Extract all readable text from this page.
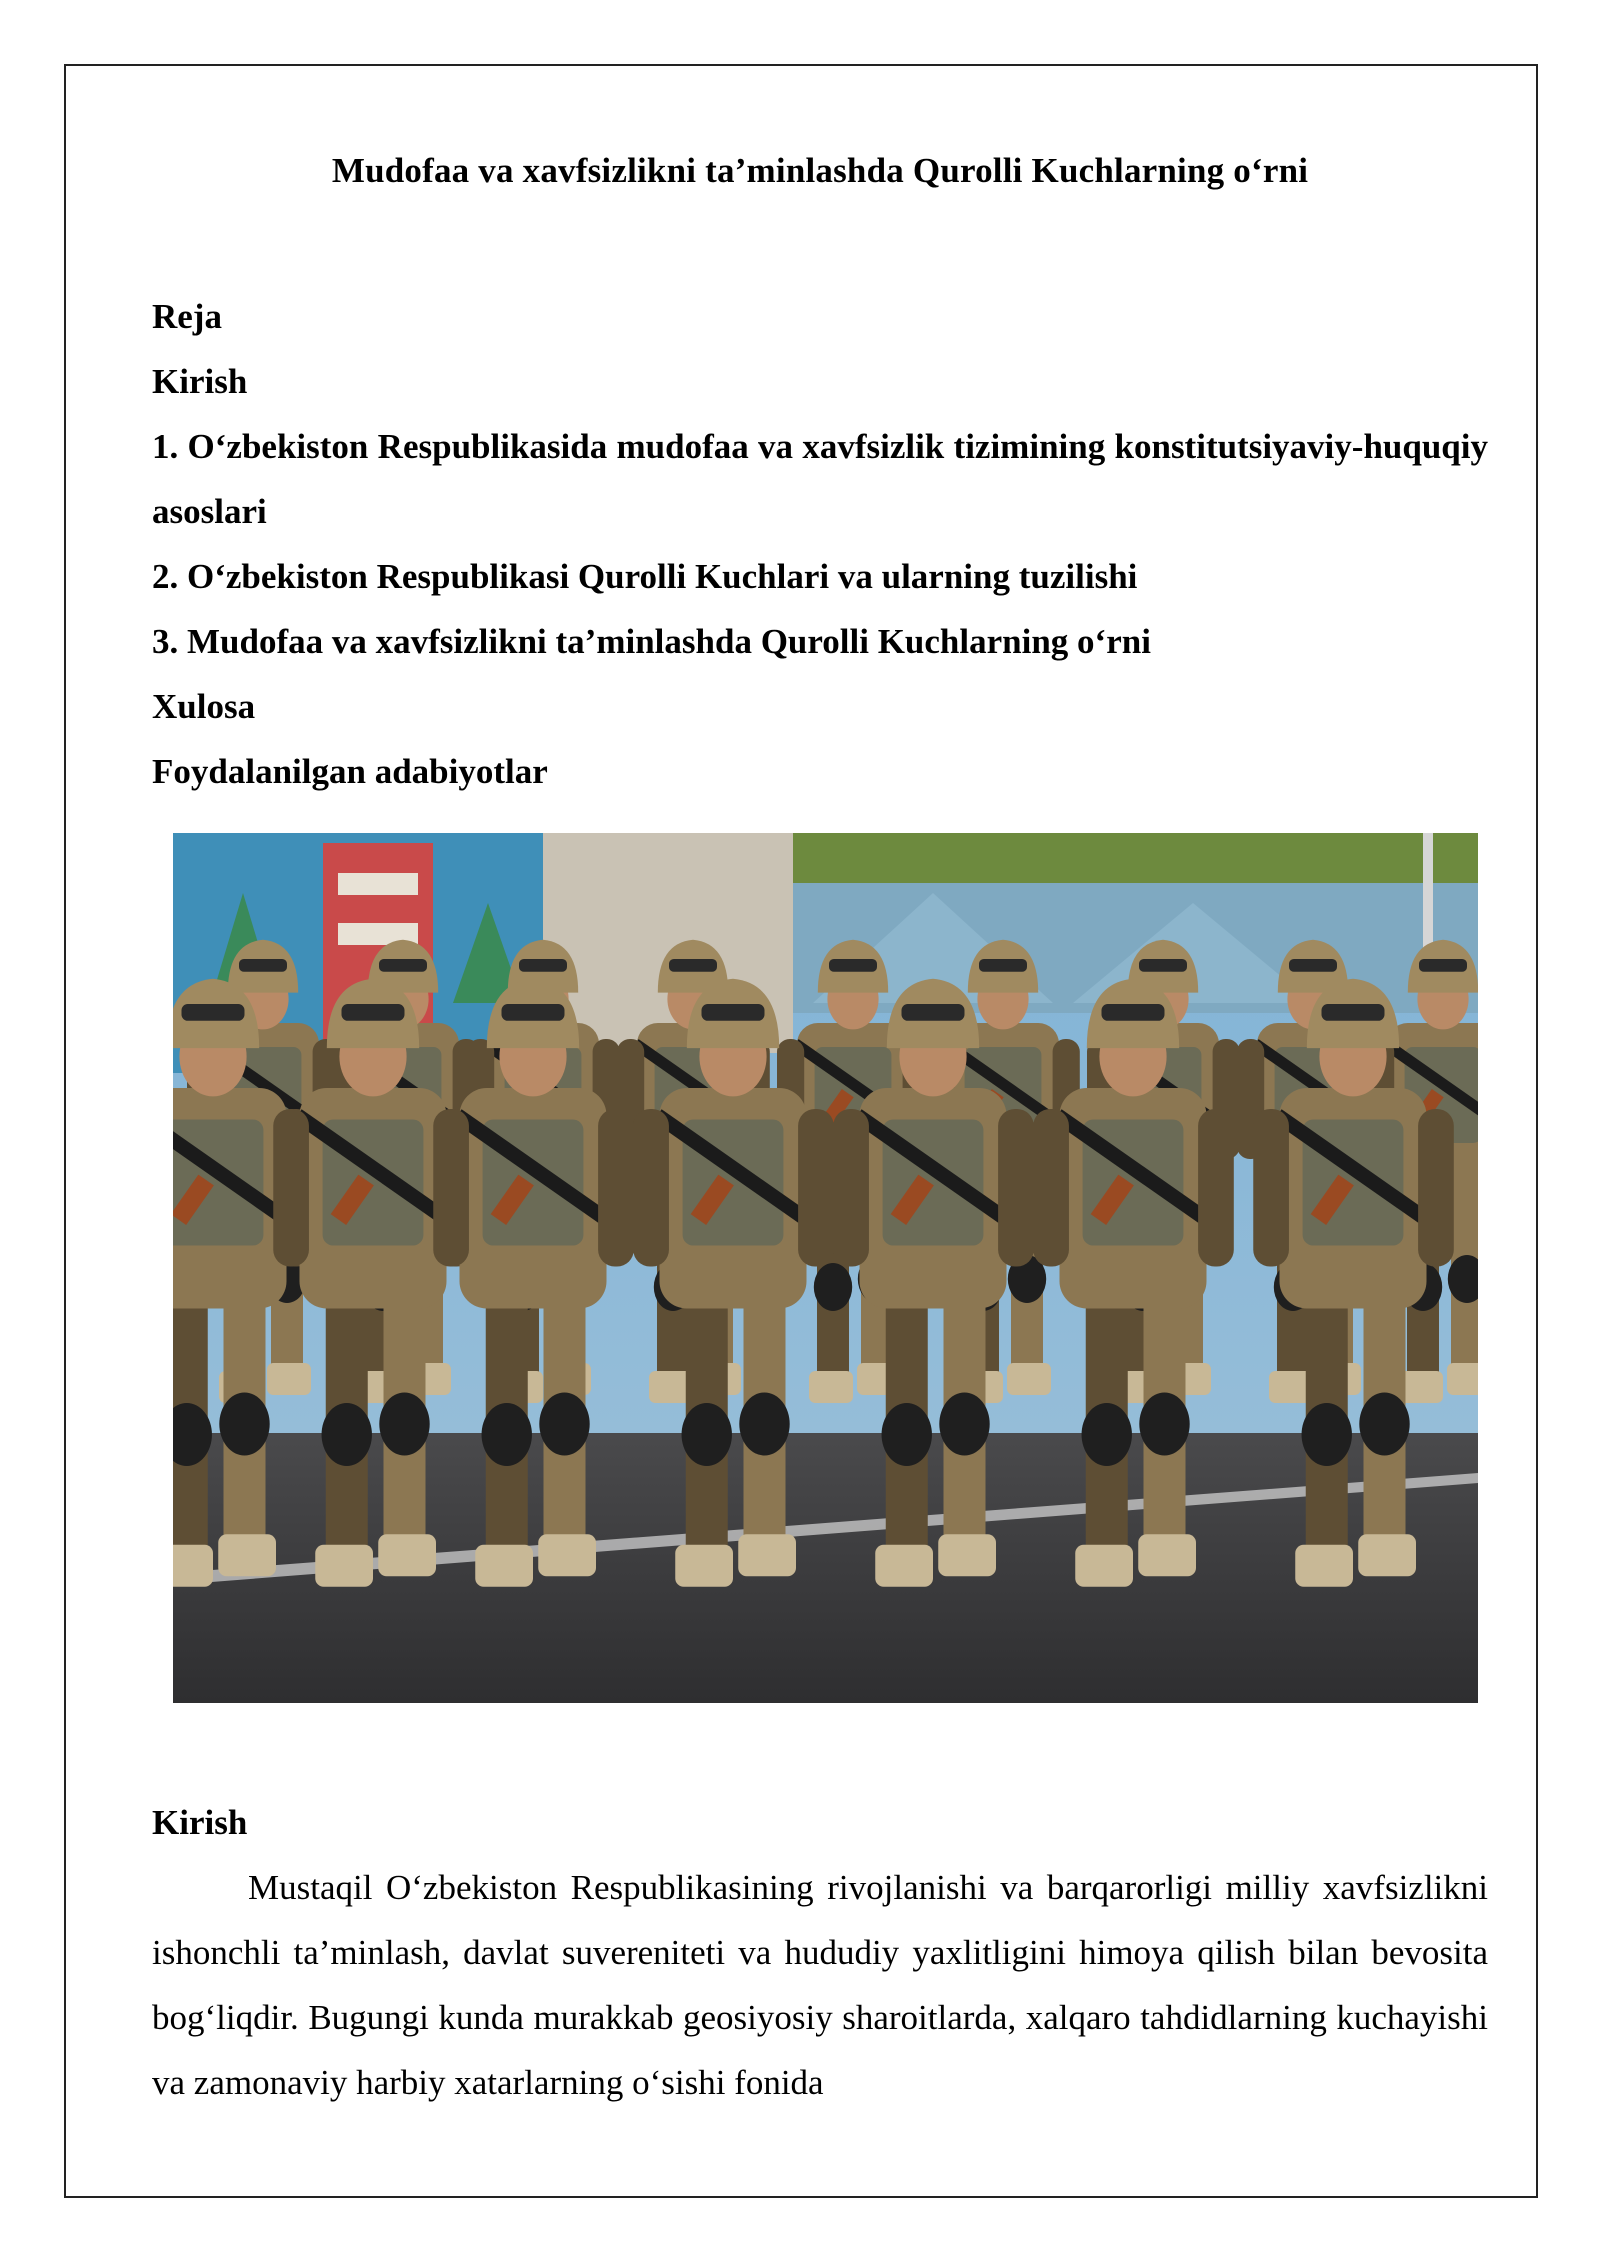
Mudofaa va xavfsizlikni ta’minlashda Qurolli Kuchlarning o‘rni
Reja
Kirish
1. O‘zbekiston Respublikasida mudofaa va xavfsizlik tizimining konstitutsiyaviy-huquqiy asoslari
2. O‘zbekiston Respublikasi Qurolli Kuchlari va ularning tuzilishi
3. Mudofaa va xavfsizlikni ta’minlashda Qurolli Kuchlarning o‘rni
Xulosa
Foydalanilgan adabiyotlar
Kirish
Mustaqil O‘zbekiston Respublikasining rivojlanishi va barqarorligi milliy xavfsizlikni ishonchli ta’minlash, davlat suvereniteti va hududiy yaxlitligini himoya qilish bilan bevosita bog‘liqdir. Bugungi kunda murakkab geosiyosiy sharoitlarda, xalqaro tahdidlarning kuchayishi va zamonaviy harbiy xatarlarning o‘sishi fonida
